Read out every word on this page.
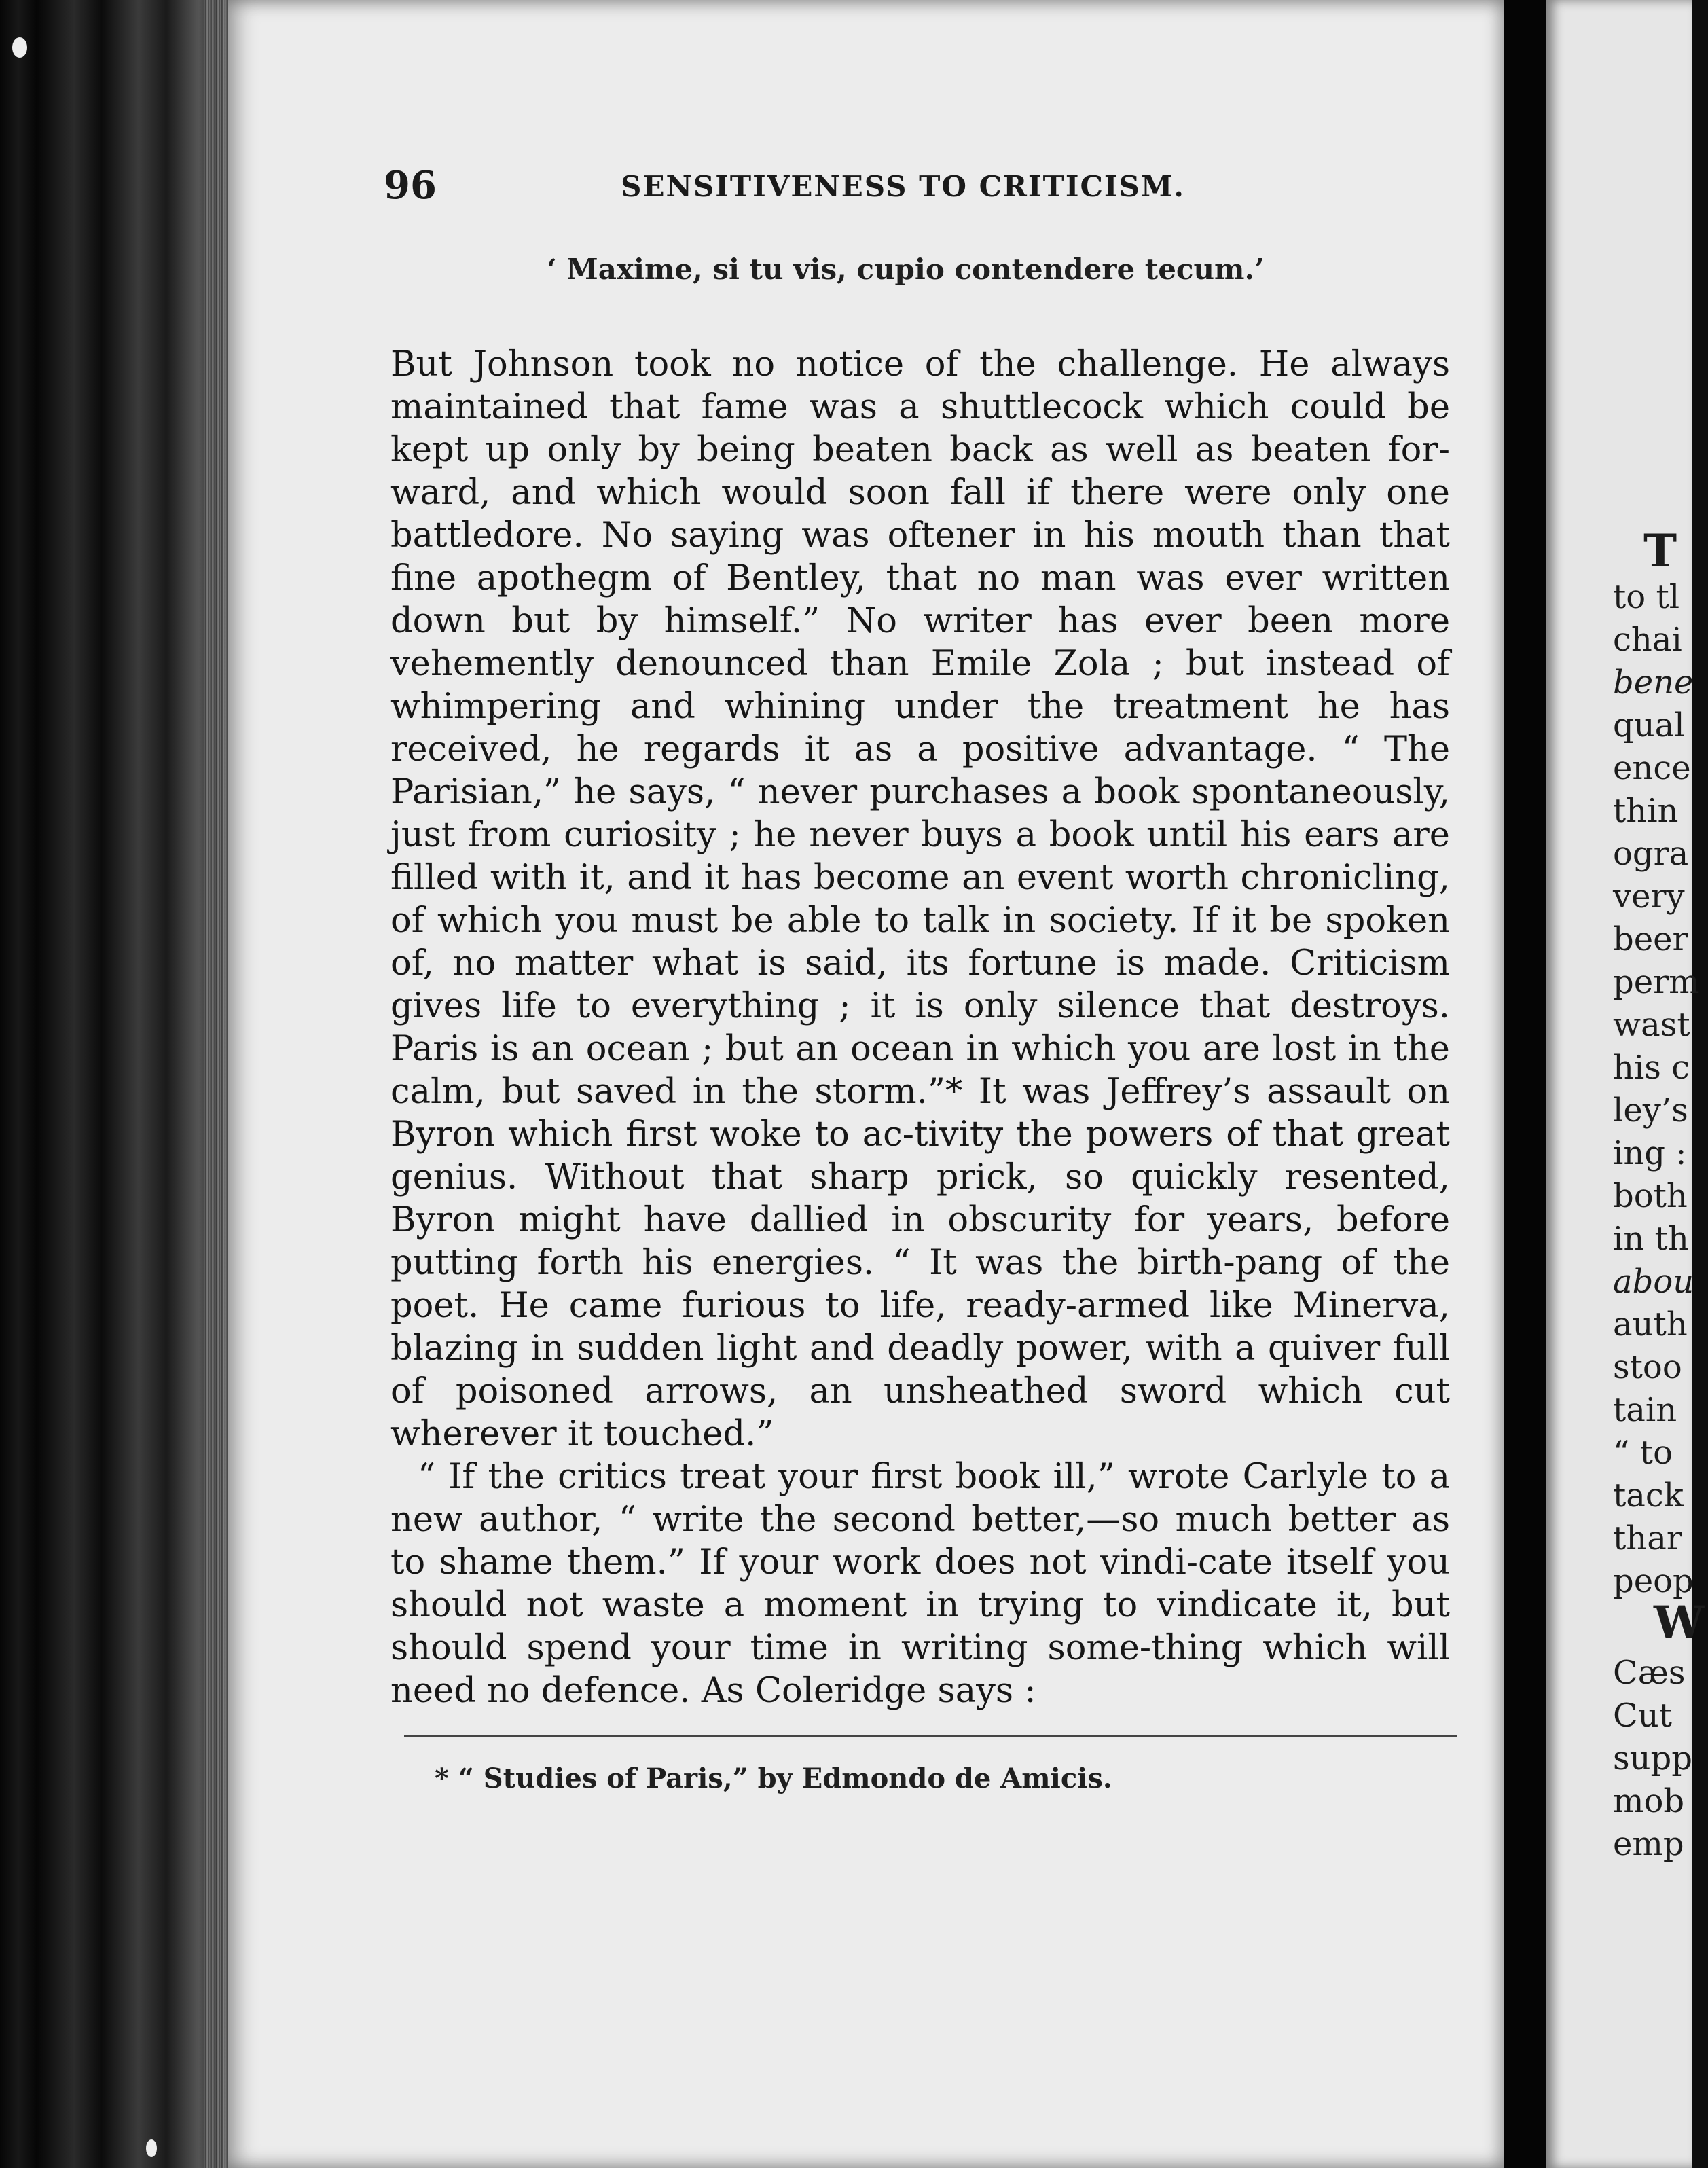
96	SENSITIVENESS TO CRITICISM.
‘ Maxime, si tu vis, cupio contendere tecum.’

But Johnson took no notice of the challenge. He always maintained that fame was a shuttlecock which could be kept up only by being beaten back as well as beaten for-ward, and which would soon fall if there were only one battledore. No saying was oftener in his mouth than that fine apothegm of Bentley, that no man was ever written down but by himself.” No writer has ever been more vehemently denounced than Emile Zola ; but instead of whimpering and whining under the treatment he has received, he regards it as a positive advantage. “ The Parisian,” he says, “ never purchases a book spontaneously, just from curiosity ; he never buys a book until his ears are filled with it, and it has become an event worth chronicling, of which you must be able to talk in society. If it be spoken of, no matter what is said, its fortune is made. Criticism gives life to everything ; it is only silence that destroys. Paris is an ocean ; but an ocean in which you are lost in the calm, but saved in the storm.”* It was Jeffrey’s assault on Byron which first woke to ac-tivity the powers of that great genius. Without that sharp prick, so quickly resented, Byron might have dallied in obscurity for years, before putting forth his energies. “ It was the birth-pang of the poet. He came furious to life, ready-armed like Minerva, blazing in sudden light and deadly power, with a quiver full of poisoned arrows, an unsheathed sword which cut wherever it touched.”

“ If the critics treat your first book ill,” wrote Carlyle to a new author, “ write the second better,—so much better as to shame them.” If your work does not vindi-cate itself you should not waste a moment in trying to vindicate it, but should spend your time in writing some-thing which will need no defence. As Coleridge says :

* “ Studies of Paris,” by Edmondo de Amicis.
T
to tl
chai
bene
qual
ence
thin
ogra
very
beer
perm
wast
his c
ley’s
ing :
both
in th
abou
auth
stoo
tain
“ to
tack
thar
peop
W
Cæs
Cut
supp
mob
emp
